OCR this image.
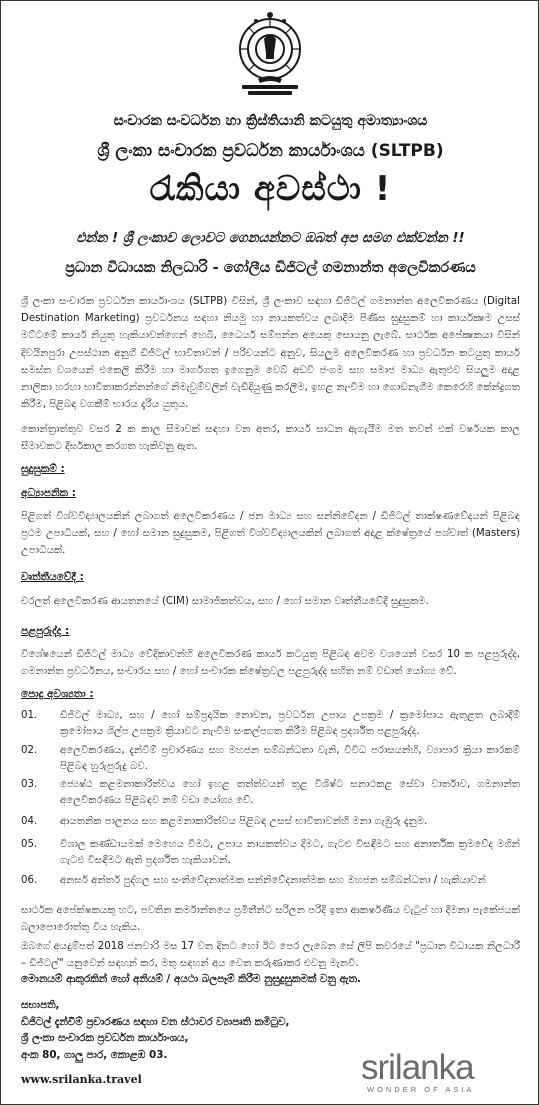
සංචාරක සංවර්ධන හා ක්‍රිස්තියානි කටයුතු අමාත්‍යාංශය
ශ්‍රී ලංකා සංචාරක ප්‍රවර්ධන කාර්යාංශය (SLTPB)
රැකියා අවස්ථා !
එන්න ! ශ්‍රී ලංකාව ලොවට ගෙනයන්නට ඔබත් අප සමග එක්වන්න !!
ප්‍රධාන විධායක නිලධාරි - ගෝලීය ඩිජිටල් ගමනාන්ත අලෙවිකරණය
ශ්‍රී ලංකා සංචාරක ප්‍රවර්ධන කාර්යාංශය (SLTPB) විසින්, ශ්‍රී ලංකාව සඳහා ඩිජිටල් ගමනාන්ත අලෙවිකරණය (Digital Destination Marketing) ප්‍රවර්ධනය සඳහා නියමු හා නායකත්වය ලබාදීම පිණිස සුදුසුකම් හා කාර්යක්‍ෂම උසස් මට්ටමේ කාර්ය නියුතු හැකියාවන්ගෙන් හෙබි, ධෛර්ය සම්පන්න අයෙකු සොයනු ලැබේ. සාර්ථක අපේක්‍ෂකයා විසින් දිවයිනපුරා උපස්ථාන අනුගී ඩිජිටල් භාවිතාවන් / පරිචයන්ට අනුව, සියලුම අලෙවිකරණ හා ප්‍රවර්ධන කටයුතු කාර්ය සමස්ත වශයෙන් එකෙලි කිරීම හා මාර්ගගත ඉගෙනුම වෙබ් අඩවි ජංගම සහ සමාජ මාධ්‍ය ඇතුළුව සියලුම අදාළ නාලිකා හරහා භාවිතාකරන්නන්ගේ නිමැවුම්වලින් වැඩිදියුණු කරලීම, ඉහළ නැංවීම හා ගොඩනැගීම කෙරෙහි කේන්ද්‍රගත කිරීම, පිළිබඳ වගකීම් භාරය දැරිය යුතුය.
කොන්ත්‍රාත්තුව වසර 2 ක කාල සීමාවක් සඳහා වන අතර, කාර්ය සාධන ඇගැයීම මත තවත් එක් වර්ෂයක කාල සීමාවකට දීර්ඝකාල කරගත හැකිවනු ඇත.
සුදුසුකම් :
අධ්‍යාපනික :
පිළිගත් විශ්වවිද්‍යාලයකින් ලබාගත් අලෙවිකරණය / ජන මාධ්‍ය සහ සන්නිවේදන / ඩිජිටල් තාක්ෂණවේදයන් පිළිබඳ ප්‍රථම උපාධියක්, සහ / හෝ සමාන සුදුසුකම, පිළිගත් විශ්වවිද්‍යාලයකින් ලබාගත් අදාළ ක්ෂේත්‍රයේ පශ්චාත් (Masters) උපාධියක්.
වෘත්තීයවේදී :
චරලත් අලෙවිකරණ ආයතනයේ (CIM) සාමාජිකත්වය, සහ / හෝ සමාන වෘත්තීයවේදී සුදුසුකම.
පළපුරුද්ද :
විශේෂයෙන් ඩිජිටල් මාධ්‍ය වේදිකාවන්හි අලෙවිකරණ කාර්ය කටයුතු පිළිබඳ අවම වශයෙන් වසර 10 ක පළපුරුද්ද, ගමනාන්ත ප්‍රවර්ධනය, සංචාරය සහ / හෝ සංචාරක ක්ෂේත්‍රවල පළපුරුද්ද සහිත නම් වඩාත් යෝග්‍ය වේ.
පොදු අවශ්‍යතා :
01.	ඩිජිටල් මාධ්‍ය, සහ / හෝ සම්ප්‍රදායික නොවන, ප්‍රවර්ධන උපාය උපක්‍රම / ක්‍රමෝපාය ඇතුළත ලබාදීම් ක්‍රමෝපාය ශිල්ප උපක්‍රම ක්‍රියාවට නැංවීම සංකල්පගත කිරීම පිළිබඳ ප්‍රදර්ශිත පළපුරුද්ද.
02.	අලෙවිකරණය, දැන්වීම් ප්‍රචාරණය සහ මහජන සම්බන්ධතා වැනි, විවිධ පරාසයන්හි, ව්‍යාපාර ක්‍රියා කාරකම් පිළිබඳ හුරුපුරුදු බව.
03.	ජ්‍යෙෂ්ඨ කළමනාකාරිත්වය හෝ ඉහළ තත්ත්වයන් තුළ විශිෂ්ට සනාථකළ සේවා වාර්තාව, ගමනාන්ත අලෙවිකරණය පිළිබඳව නම් වඩා යෝග්‍ය වේ.
04.	ආයතනික පාලනය සහ කළමනාකාරිත්වය පිළිබඳ උසස් භාවිතාවන්හි මනා ගැඹුරු දැනුම.
05.	විශාල කණ්ඩායමක් මෙහෙය වීමට, උපාය නායකත්වය දීමට, ගැටළු විසඳීමට සහ අනාර්තික ක්‍රමවේද මගින් ගැටළු විසඳීමට ඇති ප්‍රදර්ශිත හැකියාවන්.
06.	අනර්ඝ අන්තර් පුද්ගල සහ සංනිවේදනාත්මක සන්නිවේදනාත්මක සහ මහජන සම්බන්ධතා / හැකියාවන්
සාර්ථක අපේක්ෂකයකු හට, පවතින කර්මාන්තයෙ ප්‍රමිතීන්ට සරිලන පරිදි ඉතා ආකර්ෂණීය වැටුප් හා දීමනා පැකේජයක් බලාපොරොත්තු විය හැකිය.
ඔබගේ අයදුම්පත් 2018 ජනවාරි මස 17 වන දිනට හෝ ඊට පෙර ලැබෙන සේ ලිපි කවරයේ "ප්‍රධාන විධායක නිලධාරී – ඩිජිටල්" යනුවෙන් සඳහන් කර, මතු සඳහන් අය වෙත කරුණාකර එවනු මැනවි.
මොනයම් ආකුරකින් හෝ අනියම් / අයථා බලපෑම් කිරීම නුසුදුසුකමක් වනු ඇත.
සභාපති,
ඩිජිටල් දැන්වීම් ප්‍රචාරණය සඳහා වන ස්ථාවර ව්‍යාපෘති කමිටුව,
ශ්‍රී ලංකා සංචාරක ප්‍රවර්ධන කාර්යාංශය,
අංක 80, ගාලු පාර, කොළඹ 03.
www.srilanka.travel	srilanka
WONDER OF ASIA
